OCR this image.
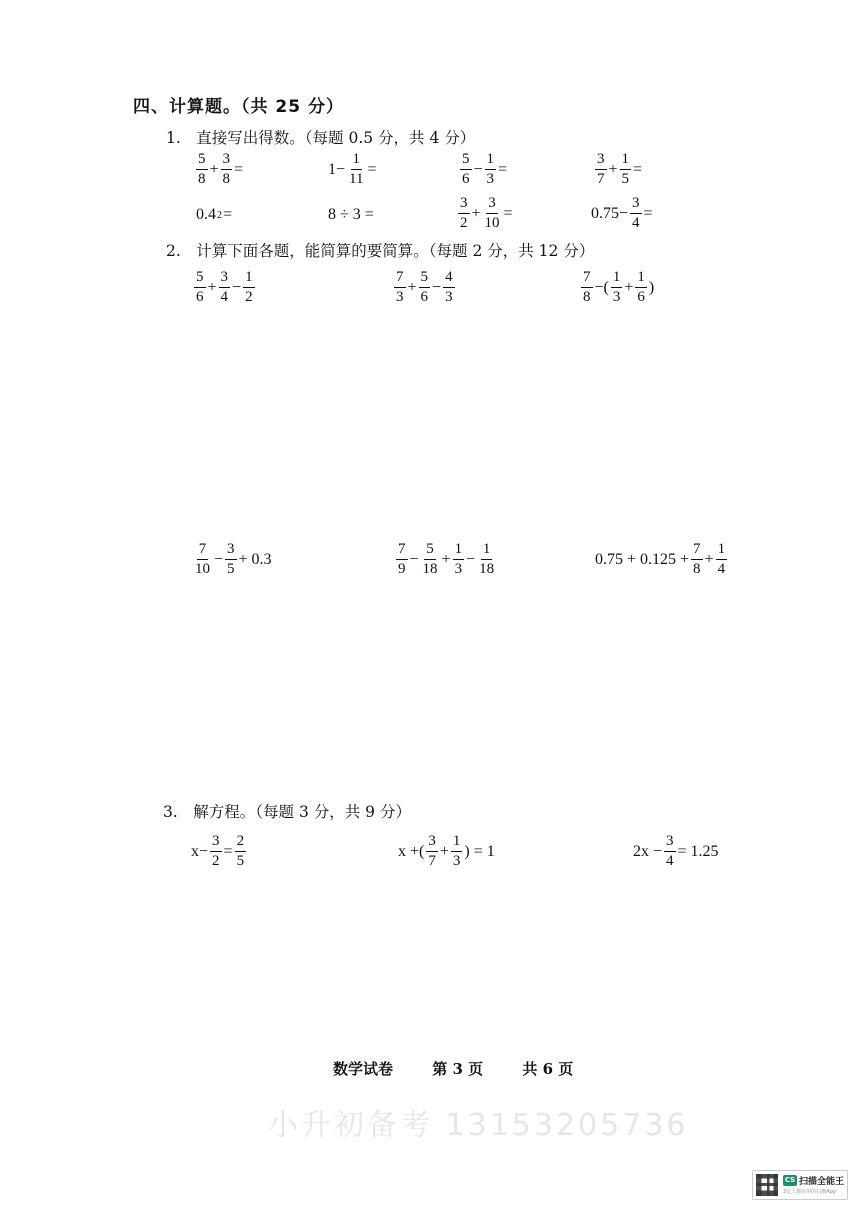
四、计算题。（共 25 分）
1. 直接写出得数。（每题 0.5 分，共 4 分）
$\frac{5}{8} + \frac{3}{8}$ =	$1- \frac{1}{11}$ =	$\frac{5}{6} - \frac{1}{3}$ =	$\frac{3}{7} + \frac{1}{5}$ =
0.4 2 =	8 ÷ 3 =	$\frac{3}{2} + \frac{3}{10}$ =	$0.75- \frac{3}{4}$ =
2. 计算下面各题，能简算的要简算。（每题 2 分，共 12 分）
$\frac{5}{6} + \frac{3}{4} - \frac{1}{2}$	$\frac{7}{3} + \frac{5}{6} - \frac{4}{3}$	$\frac{7}{8}$ −( $\frac{1}{3} + \frac{1}{6}$ )
$\frac{7}{10} - \frac{3}{5} + 0.3$	$\frac{7}{9} - \frac{5}{18} + \frac{1}{3} - \frac{1}{18}$	$0.75 + 0.125 + \frac{7}{8} + \frac{1}{4}$
3. 解方程。（每题 3 分，共 9 分）
$x- \frac{3}{2} = \frac{2}{5}$	x +( $\frac{3}{7} + \frac{1}{3}$ ) = 1	$2x - \frac{3}{4} = 1.25$
数学试卷	第 3 页	共 6 页
小升初备考 13153205736
CS 扫描全能王
3亿人都在用的扫描App
